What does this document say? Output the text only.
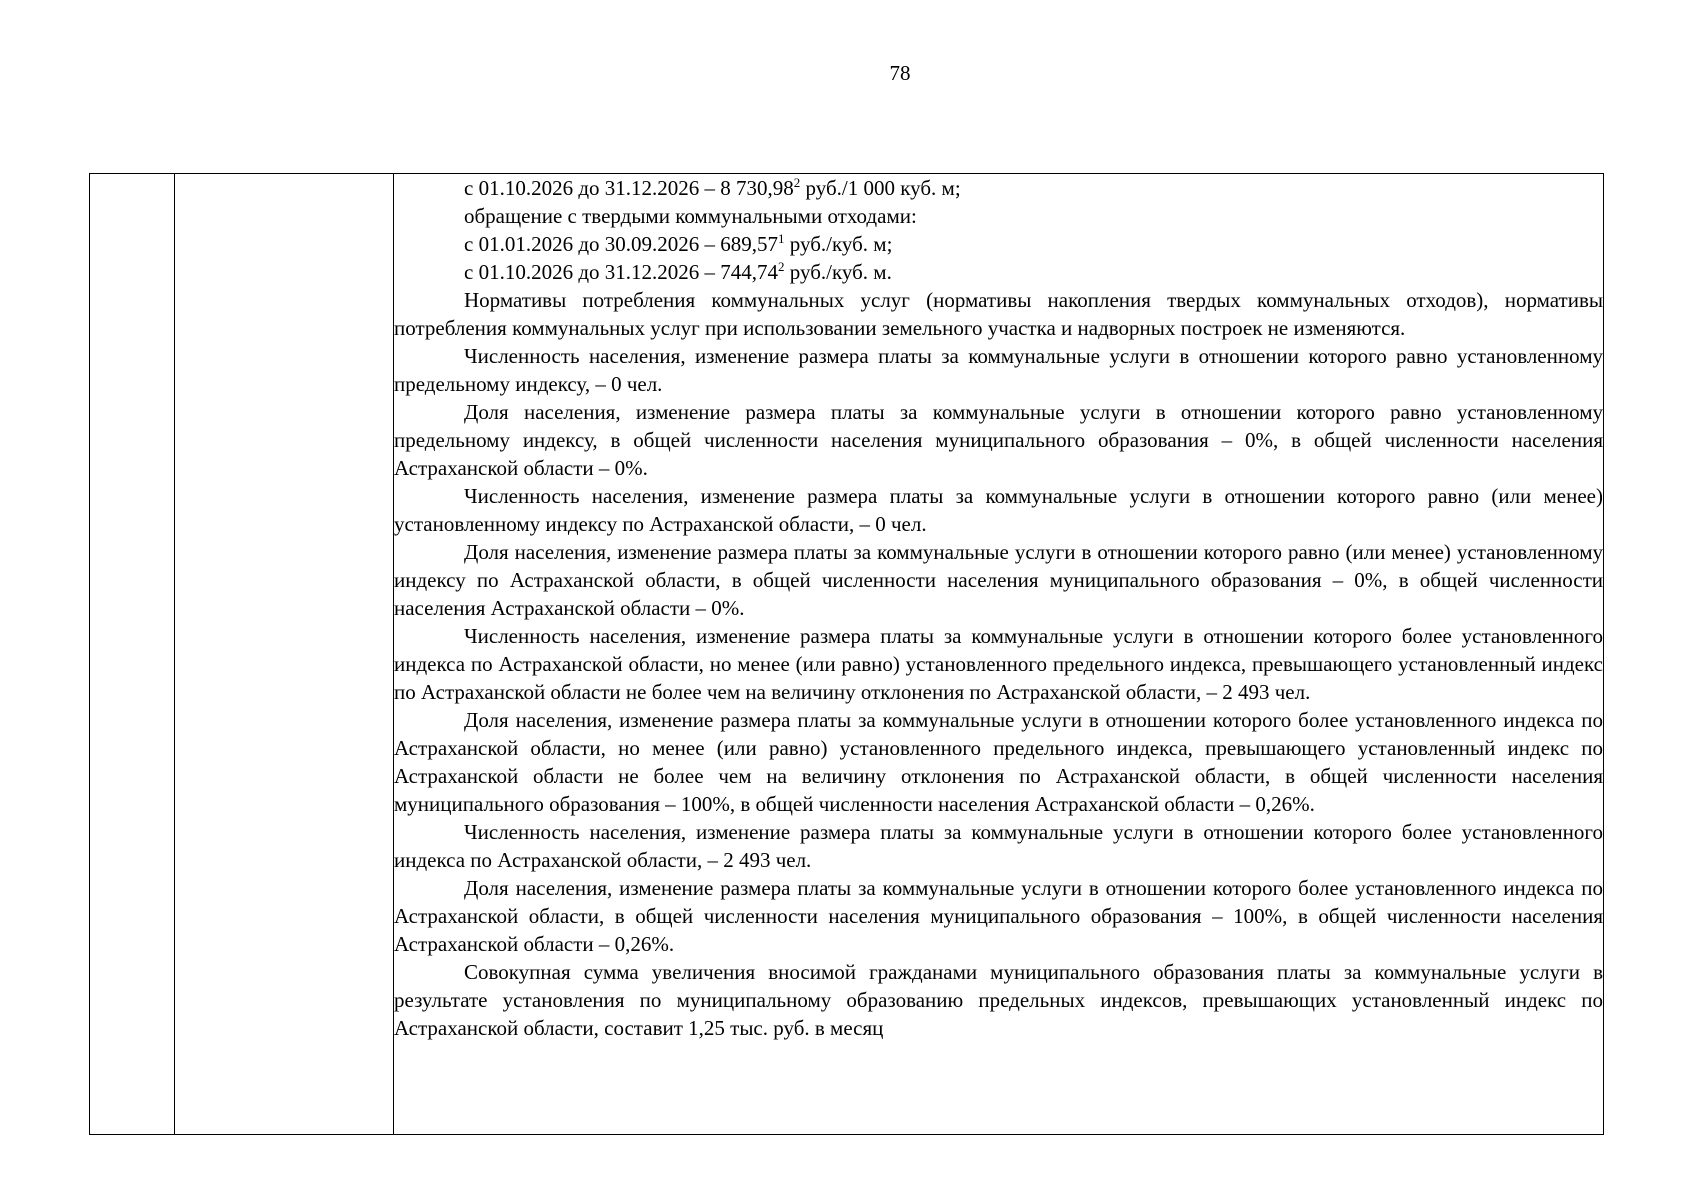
78

с 01.10.2026 до 31.12.2026 – 8 730,98$^2$ руб./1 000 куб. м;

обращение с твердыми коммунальными отходами:

с 01.01.2026 до 30.09.2026 – 689,57$^1$ руб./куб. м;

с 01.10.2026 до 31.12.2026 – 744,74$^2$ руб./куб. м.

Нормативы потребления коммунальных услуг (нормативы накопления твердых коммунальных отходов), нормативы потребления коммунальных услуг при использовании земельного участка и надворных построек не изменяются.

Численность населения, изменение размера платы за коммунальные услуги в отношении которого равно установленному предельному индексу, – 0 чел.

Доля населения, изменение размера платы за коммунальные услуги в отношении которого равно установленному предельному индексу, в общей численности населения муниципального образования – 0%, в общей численности населения Астраханской области – 0%.

Численность населения, изменение размера платы за коммунальные услуги в отношении которого равно (или менее) установленному индексу по Астраханской области, – 0 чел.

Доля населения, изменение размера платы за коммунальные услуги в отношении которого равно (или менее) установленному индексу по Астраханской области, в общей численности населения муниципального образования – 0%, в общей численности населения Астраханской области – 0%.

Численность населения, изменение размера платы за коммунальные услуги в отношении которого более установленного индекса по Астраханской области, но менее (или равно) установленного предельного индекса, превышающего установленный индекс по Астраханской области не более чем на величину отклонения по Астраханской области, – 2 493 чел.

Доля населения, изменение размера платы за коммунальные услуги в отношении которого более установленного индекса по Астраханской области, но менее (или равно) установленного предельного индекса, превышающего установленный индекс по Астраханской области не более чем на величину отклонения по Астраханской области, в общей численности населения муниципального образования – 100%, в общей численности населения Астраханской области – 0,26%.

Численность населения, изменение размера платы за коммунальные услуги в отношении которого более установленного индекса по Астраханской области, – 2 493 чел.

Доля населения, изменение размера платы за коммунальные услуги в отношении которого более установленного индекса по Астраханской области, в общей численности населения муниципального образования – 100%, в общей численности населения Астраханской области – 0,26%.

Совокупная сумма увеличения вносимой гражданами муниципального образования платы за коммунальные услуги в результате установления по муниципальному образованию предельных индексов, превышающих установленный индекс по Астраханской области, составит 1,25 тыс. руб. в месяц
